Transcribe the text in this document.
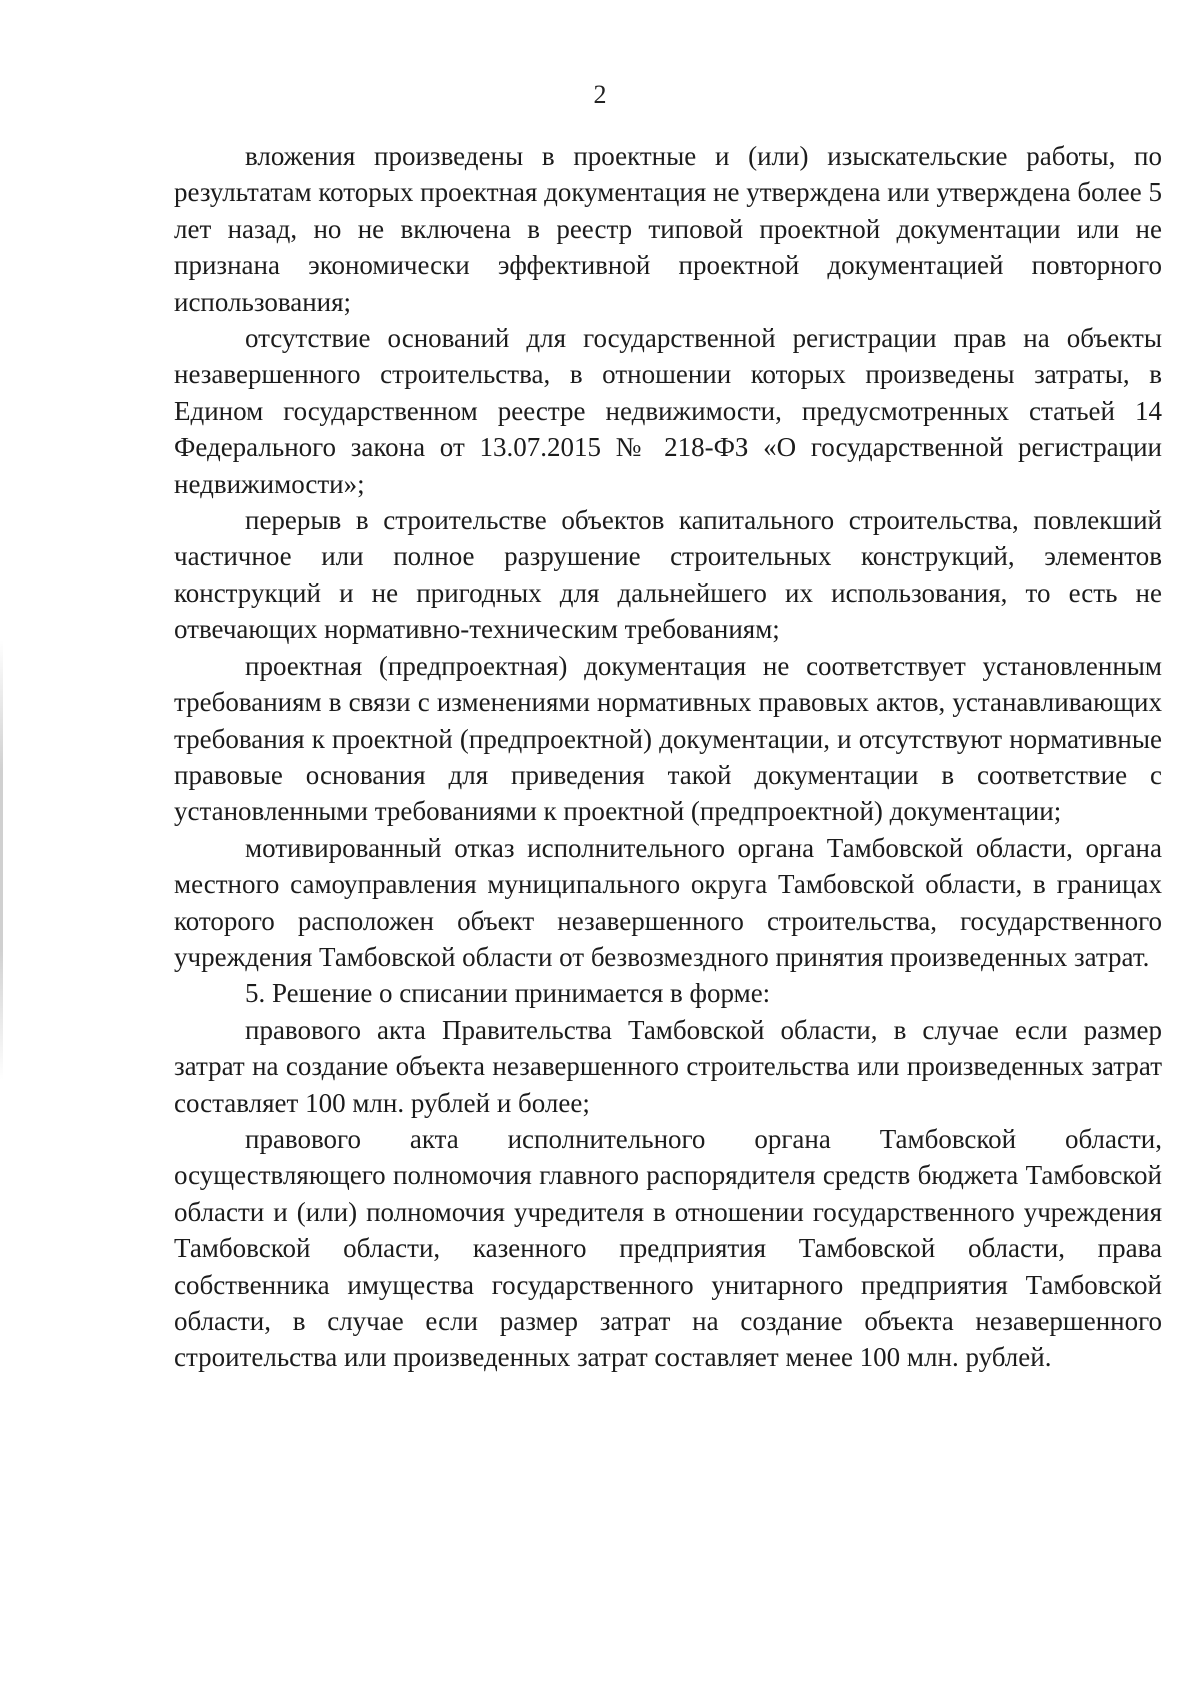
2

вложения произведены в проектные и (или) изыскательские работы, по результатам которых проектная документация не утверждена или утверждена более 5 лет назад, но не включена в реестр типовой проектной документации или не признана экономически эффективной проектной документацией повторного использования;

отсутствие оснований для государственной регистрации прав на объекты незавершенного строительства, в отношении которых произведены затраты, в Едином государственном реестре недвижимости, предусмотренных статьей 14 Федерального закона от 13.07.2015 № 218-ФЗ «О государственной регистрации недвижимости»;

перерыв в строительстве объектов капитального строительства, повлекший частичное или полное разрушение строительных конструкций, элементов конструкций и не пригодных для дальнейшего их использования, то есть не отвечающих нормативно-техническим требованиям;

проектная (предпроектная) документация не соответствует установленным требованиям в связи с изменениями нормативных правовых актов, устанавливающих требования к проектной (предпроектной) документации, и отсутствуют нормативные правовые основания для приведения такой документации в соответствие с установленными требованиями к проектной (предпроектной) документации;

мотивированный отказ исполнительного органа Тамбовской области, органа местного самоуправления муниципального округа Тамбовской области, в границах которого расположен объект незавершенного строительства, государственного учреждения Тамбовской области от безвозмездного принятия произведенных затрат.

5. Решение о списании принимается в форме:

правового акта Правительства Тамбовской области, в случае если размер затрат на создание объекта незавершенного строительства или произведенных затрат составляет 100 млн. рублей и более;

правового акта исполнительного органа Тамбовской области, осуществляющего полномочия главного распорядителя средств бюджета Тамбовской области и (или) полномочия учредителя в отношении государственного учреждения Тамбовской области, казенного предприятия Тамбовской области, права собственника имущества государственного унитарного предприятия Тамбовской области, в случае если размер затрат на создание объекта незавершенного строительства или произведенных затрат составляет менее 100 млн. рублей.
